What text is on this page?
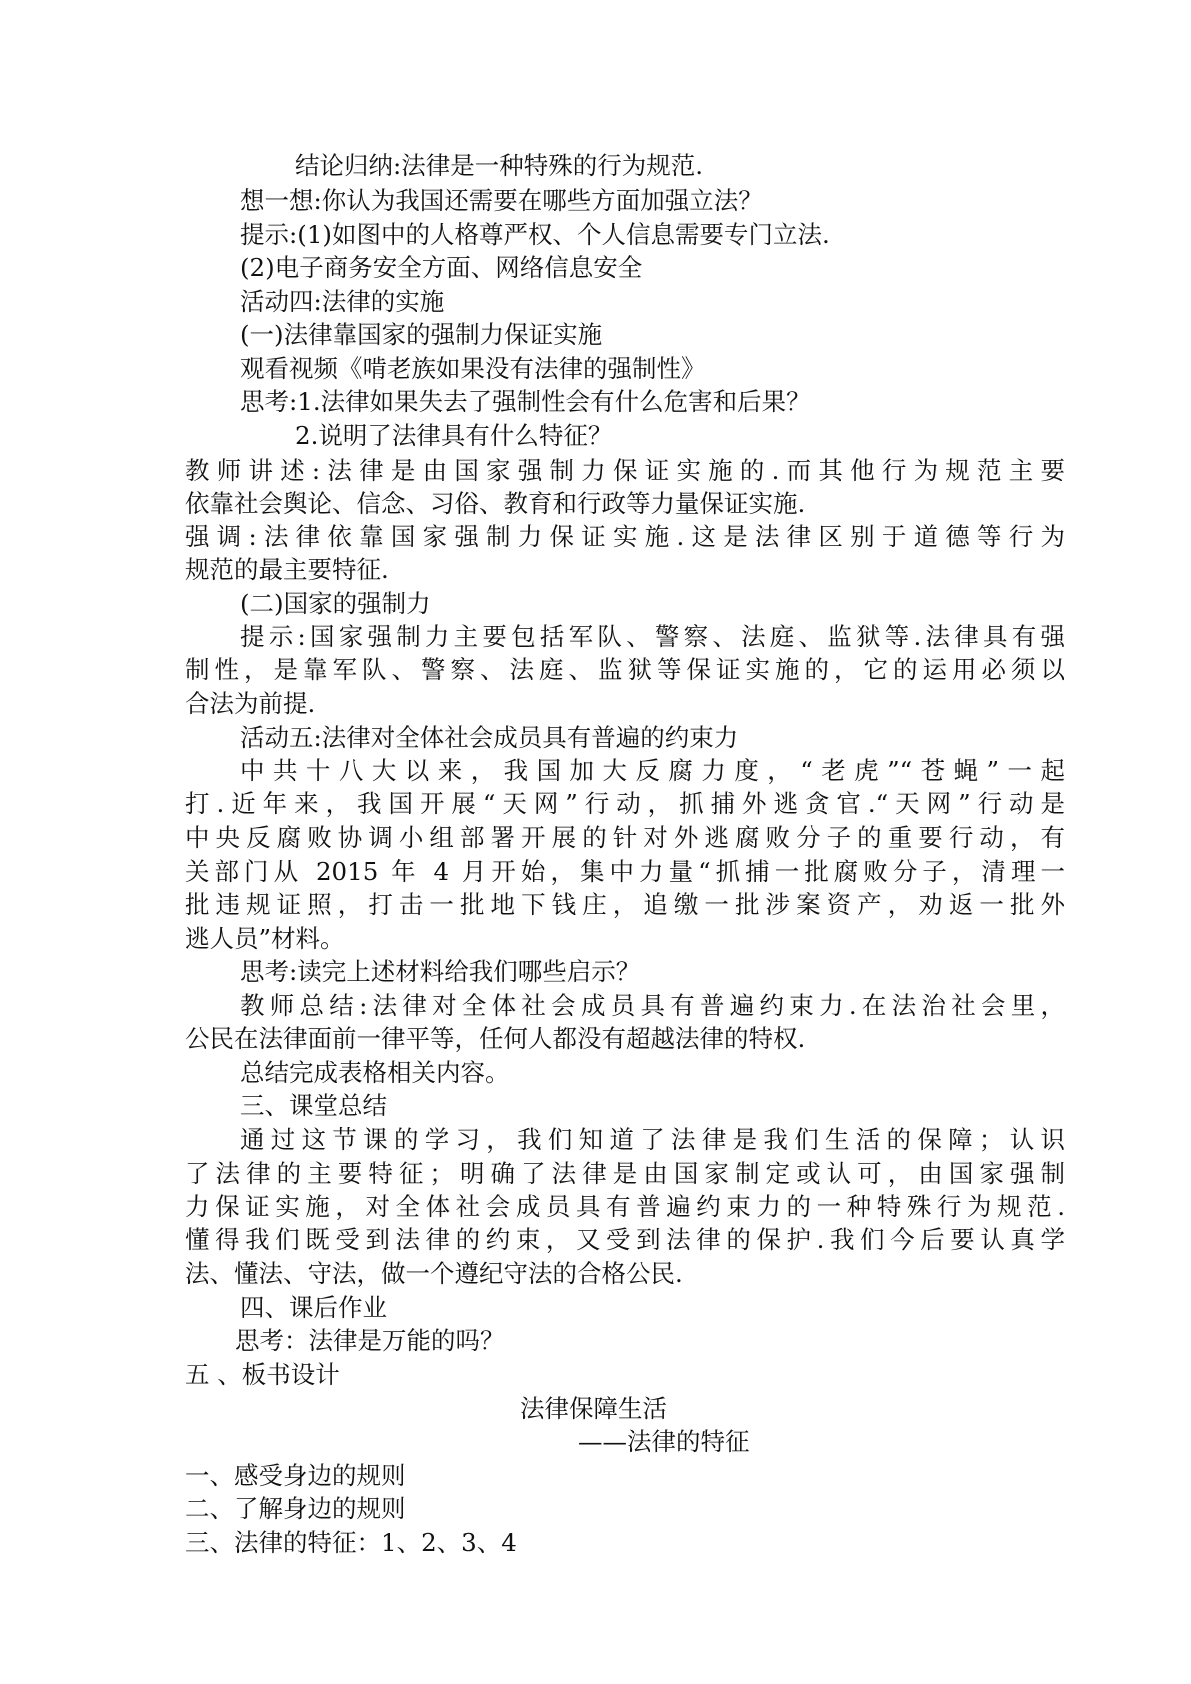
结论归纳:法律是一种特殊的行为规范.
想一想:你认为我国还需要在哪些方面加强立法？
提示:(1)如图中的人格尊严权、个人信息需要专门立法.
(2)电子商务安全方面、网络信息安全
活动四:法律的实施
(一)法律靠国家的强制力保证实施
观看视频《啃老族如果没有法律的强制性》
思考:1.法律如果失去了强制性会有什么危害和后果？
2.说明了法律具有什么特征？
教师讲述:法律是由国家强制力保证实施的.而其他行为规范主要
依靠社会舆论、信念、习俗、教育和行政等力量保证实施.
强调:法律依靠国家强制力保证实施.这是法律区别于道德等行为
规范的最主要特征.
(二)国家的强制力
提示:国家强制力主要包括军队、警察、法庭、监狱等.法律具有强
制性，是靠军队、警察、法庭、监狱等保证实施的，它的运用必须以
合法为前提.
活动五:法律对全体社会成员具有普遍的约束力
中共十八大以来，我国加大反腐力度，“老虎”“苍蝇”一起
打.近年来，我国开展“天网”行动，抓捕外逃贪官.“天网”行动是
中央反腐败协调小组部署开展的针对外逃腐败分子的重要行动，有
关部门从 2015 年 4 月开始，集中力量“抓捕一批腐败分子，清理一
批违规证照，打击一批地下钱庄，追缴一批涉案资产，劝返一批外
逃人员”材料。
思考:读完上述材料给我们哪些启示？
教师总结:法律对全体社会成员具有普遍约束力.在法治社会里，
公民在法律面前一律平等，任何人都没有超越法律的特权.
总结完成表格相关内容。
三、课堂总结
通过这节课的学习，我们知道了法律是我们生活的保障；认识
了法律的主要特征；明确了法律是由国家制定或认可，由国家强制
力保证实施，对全体社会成员具有普遍约束力的一种特殊行为规范.
懂得我们既受到法律的约束，又受到法律的保护.我们今后要认真学
法、懂法、守法，做一个遵纪守法的合格公民.
四、课后作业
思考：法律是万能的吗？
五 、板书设计
法律保障生活
——法律的特征
一、感受身边的规则
二、了解身边的规则
三、法律的特征：1、2、3、4
